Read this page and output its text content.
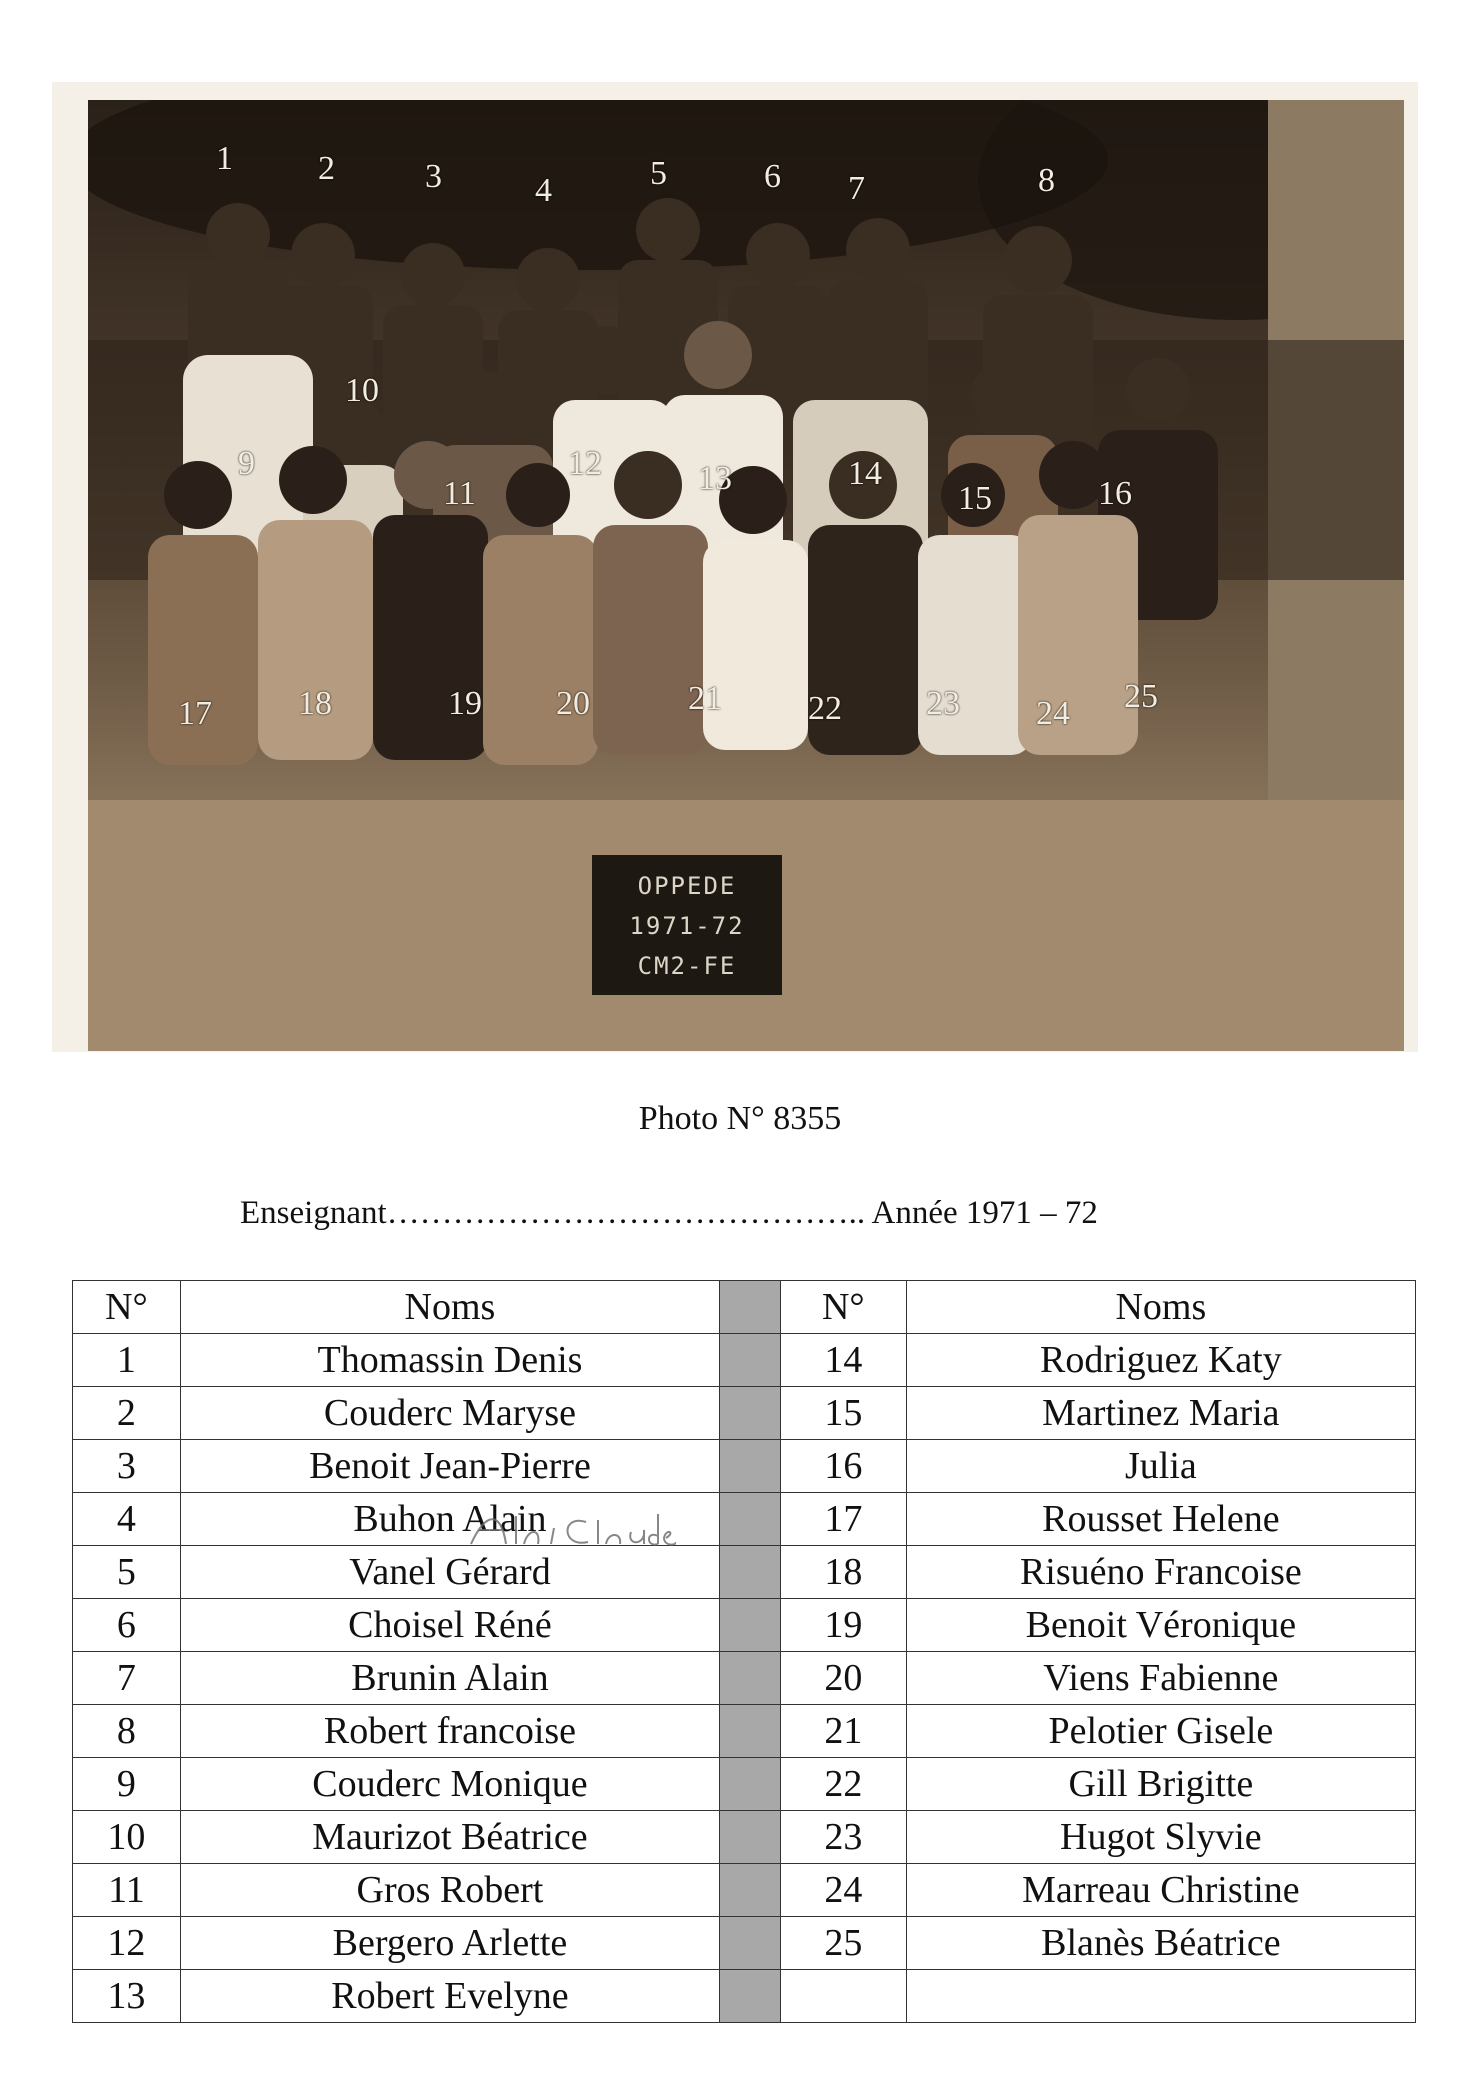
1	2	3	4	5	6 7	8
9
10
11
12	13	14
15	16
17	18	19 20	21	22 23 24 25
OPPEDE
1971-72
CM2-FE
Photo N° 8355
Enseignant…………………………………….. Année 1971 – 72
N°	Noms		N°	Noms
1	Thomassin Denis		14	Rodriguez Katy
2	Couderc Maryse		15	Martinez Maria
3	Benoit Jean-Pierre		16	Julia
4	Buhon Alain		17	Rousset Helene
5	Vanel Gérard		18	Risuéno Francoise
6	Choisel Réné		19	Benoit Véronique
7	Brunin Alain		20	Viens Fabienne
8	Robert francoise		21	Pelotier Gisele
9	Couderc Monique		22	Gill Brigitte
10	Maurizot Béatrice		23	Hugot Slyvie
11	Gros Robert		24	Marreau Christine
12	Bergero Arlette		25	Blanès Béatrice
13	Robert Evelyne			
